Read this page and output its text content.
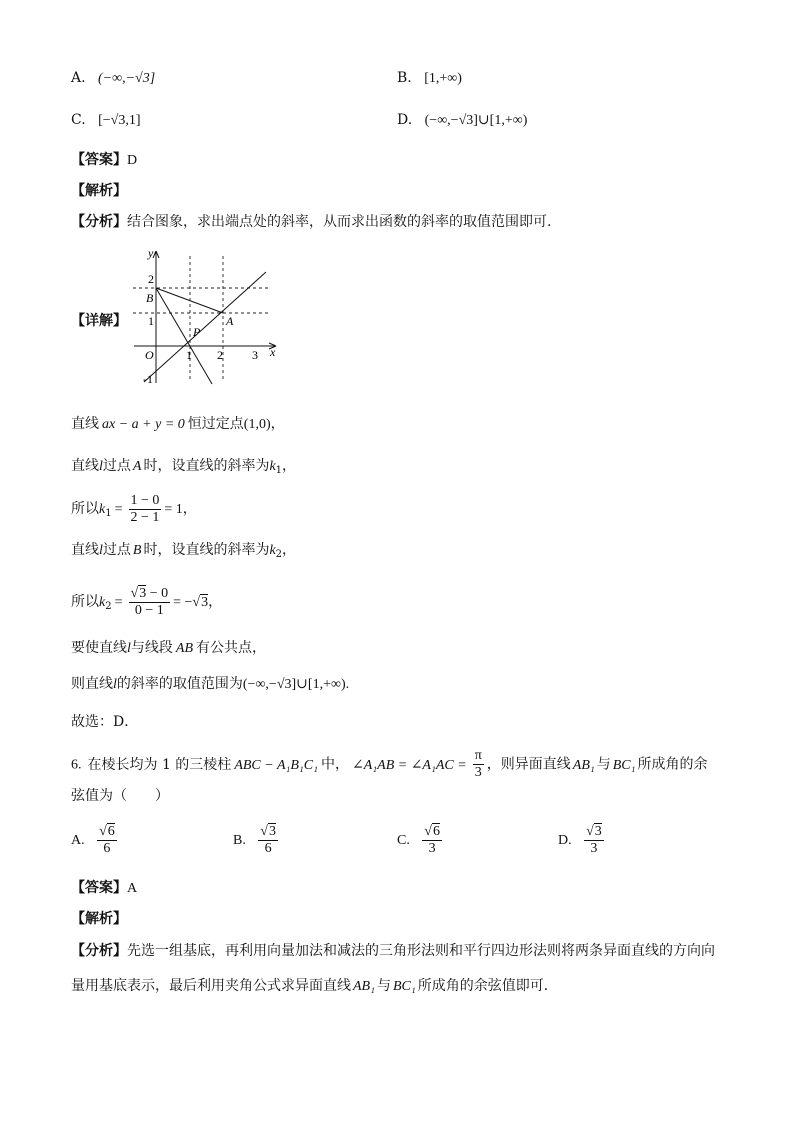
A. (−∞,−√3]	B. [1,+∞)
C. [−√3,1]	D. (−∞,−√3]∪[1,+∞)
【答案】D
【解析】
【分析】结合图象，求出端点处的斜率，从而求出函数的斜率的取值范围即可.
【详解】
y
x
O	1 2 3
2
1
-1
B
A
P
直线 ax − a + y = 0 恒过定点(1,0)，
直线l过点 A 时，设直线的斜率为$k_1$，
所以$k_1 = \frac{1 - 0}{2 - 1} = 1$，
直线l过点 B 时，设直线的斜率为$k_2$，
所以$k_2 = \frac{√3 - 0}{0 - 1} = -√3$，
要使直线l与线段 AB 有公共点，
则直线l的斜率的取值范围为(−∞,−√3]∪[1,+∞).
故选：D．
6. 在棱长均为 1 的三棱柱 ABC − A₁B₁C₁ 中， ∠A₁AB = ∠A₁AC = $\frac{\pi}{3}$ ，则异面直线 AB₁ 与 BC₁ 所成角的余
弦值为（　　）
A. $\frac{√6}{6}$	B. $\frac{√3}{6}$	C. $\frac{√6}{3}$	D. $\frac{√3}{3}$
【答案】A
【解析】
【分析】先选一组基底，再利用向量加法和减法的三角形法则和平行四边形法则将两条异面直线的方向向
量用基底表示，最后利用夹角公式求异面直线 AB₁ 与 BC₁ 所成角的余弦值即可．
